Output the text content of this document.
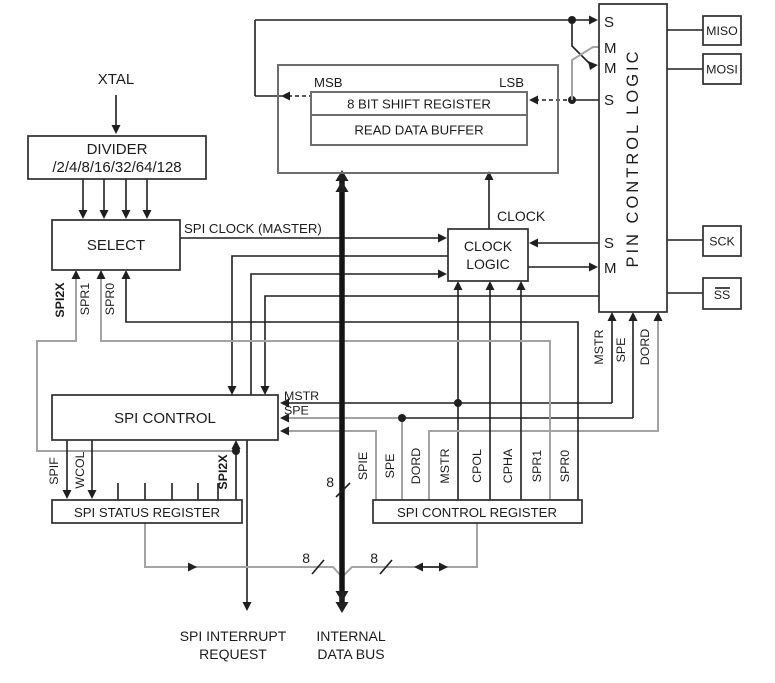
DIVIDER
/2/4/8/16/32/64/128
SELECT
MSB	LSB
8 BIT SHIFT REGISTER
READ DATA BUFFER
CLOCK
LOGIC
CLOCK	PIN CONTROL LOGIC
S
M
M
S
S
M
MISO
MOSI
SCK
SS
SPI CONTROL
SPI STATUS REGISTER	SPI CONTROL REGISTER
XTAL
SPI CLOCK (MASTER)
MSTR
SPE
SPI2X SPR1 SPR0
SPIF WCOL	SPI2X	SPIE SPE DORD MSTR CPOL CPHA SPR1 SPR0
MSTR SPE DORD
8
8	8
SPI INTERRUPT
REQUEST
INTERNAL
DATA BUS
